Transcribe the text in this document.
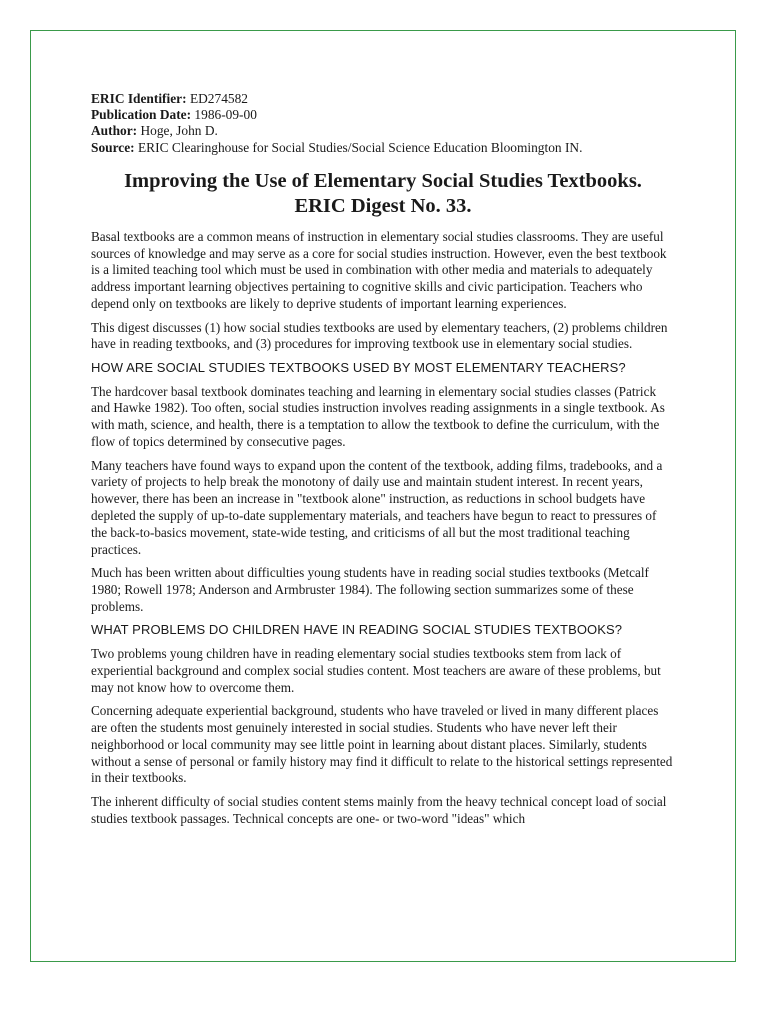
ERIC Identifier: ED274582
Publication Date: 1986-09-00
Author: Hoge, John D.
Source: ERIC Clearinghouse for Social Studies/Social Science Education Bloomington IN.
Improving the Use of Elementary Social Studies Textbooks.
ERIC Digest No. 33.

Basal textbooks are a common means of instruction in elementary social studies classrooms. They are useful sources of knowledge and may serve as a core for social studies instruction. However, even the best textbook is a limited teaching tool which must be used in combination with other media and materials to adequately address important learning objectives pertaining to cognitive skills and civic participation. Teachers who depend only on textbooks are likely to deprive students of important learning experiences.

This digest discusses (1) how social studies textbooks are used by elementary teachers, (2) problems children have in reading textbooks, and (3) procedures for improving textbook use in elementary social studies.

HOW ARE SOCIAL STUDIES TEXTBOOKS USED BY MOST ELEMENTARY TEACHERS?

The hardcover basal textbook dominates teaching and learning in elementary social studies classes (Patrick and Hawke 1982). Too often, social studies instruction involves reading assignments in a single textbook. As with math, science, and health, there is a temptation to allow the textbook to define the curriculum, with the flow of topics determined by consecutive pages.

Many teachers have found ways to expand upon the content of the textbook, adding films, tradebooks, and a variety of projects to help break the monotony of daily use and maintain student interest. In recent years, however, there has been an increase in "textbook alone" instruction, as reductions in school budgets have depleted the supply of up-to-date supplementary materials, and teachers have begun to react to pressures of the back-to-basics movement, state-wide testing, and criticisms of all but the most traditional teaching practices.

Much has been written about difficulties young students have in reading social studies textbooks (Metcalf 1980; Rowell 1978; Anderson and Armbruster 1984). The following section summarizes some of these problems.

WHAT PROBLEMS DO CHILDREN HAVE IN READING SOCIAL STUDIES TEXTBOOKS?

Two problems young children have in reading elementary social studies textbooks stem from lack of experiential background and complex social studies content. Most teachers are aware of these problems, but may not know how to overcome them.

Concerning adequate experiential background, students who have traveled or lived in many different places are often the students most genuinely interested in social studies. Students who have never left their neighborhood or local community may see little point in learning about distant places. Similarly, students without a sense of personal or family history may find it difficult to relate to the historical settings represented in their textbooks.

The inherent difficulty of social studies content stems mainly from the heavy technical concept load of social studies textbook passages. Technical concepts are one- or two-word "ideas" which
